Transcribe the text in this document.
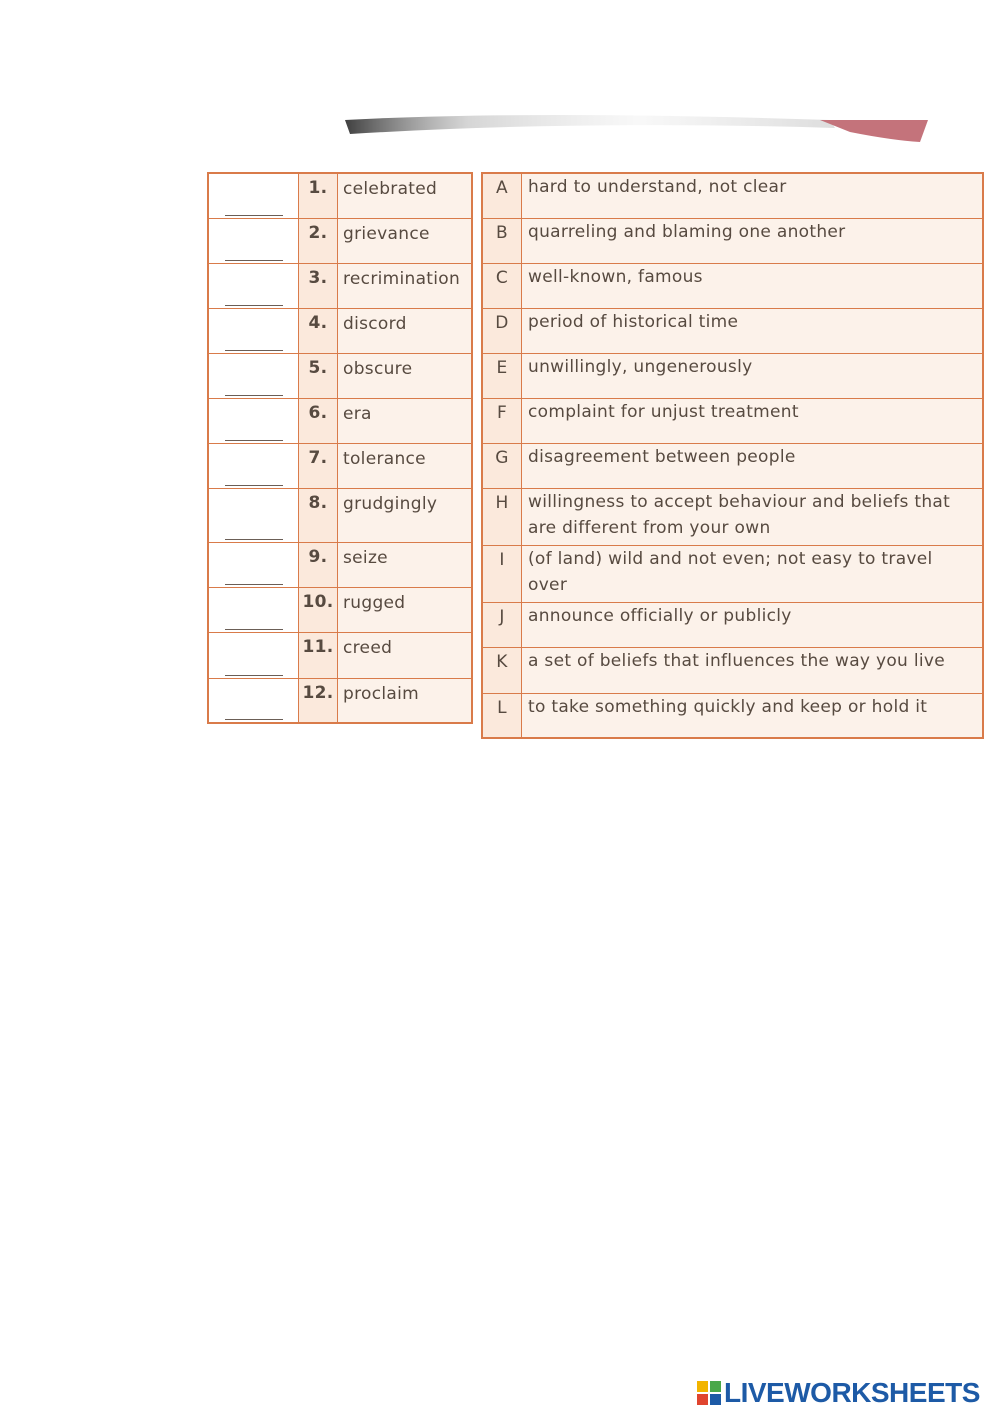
	1.	celebrated

	2.	grievance

	3.	recrimination

	4.	discord

	5.	obscure

	6.	era

	7.	tolerance

	8.	grudgingly

	9.	seize

	10.	rugged

	11.	creed

	12.	proclaim
A	hard to understand, not clear

B	quarreling and blaming one another

C	well-known, famous

D	period of historical time

E	unwillingly, ungenerously

F	complaint for unjust treatment

G	disagreement between people

H	willingness to accept behaviour and beliefs that are different from your own

I	(of land) wild and not even; not easy to travel over

J	announce officially or publicly

K	a set of beliefs that influences the way you live

L	to take something quickly and keep or hold it
LIVEWORKSHEETS
